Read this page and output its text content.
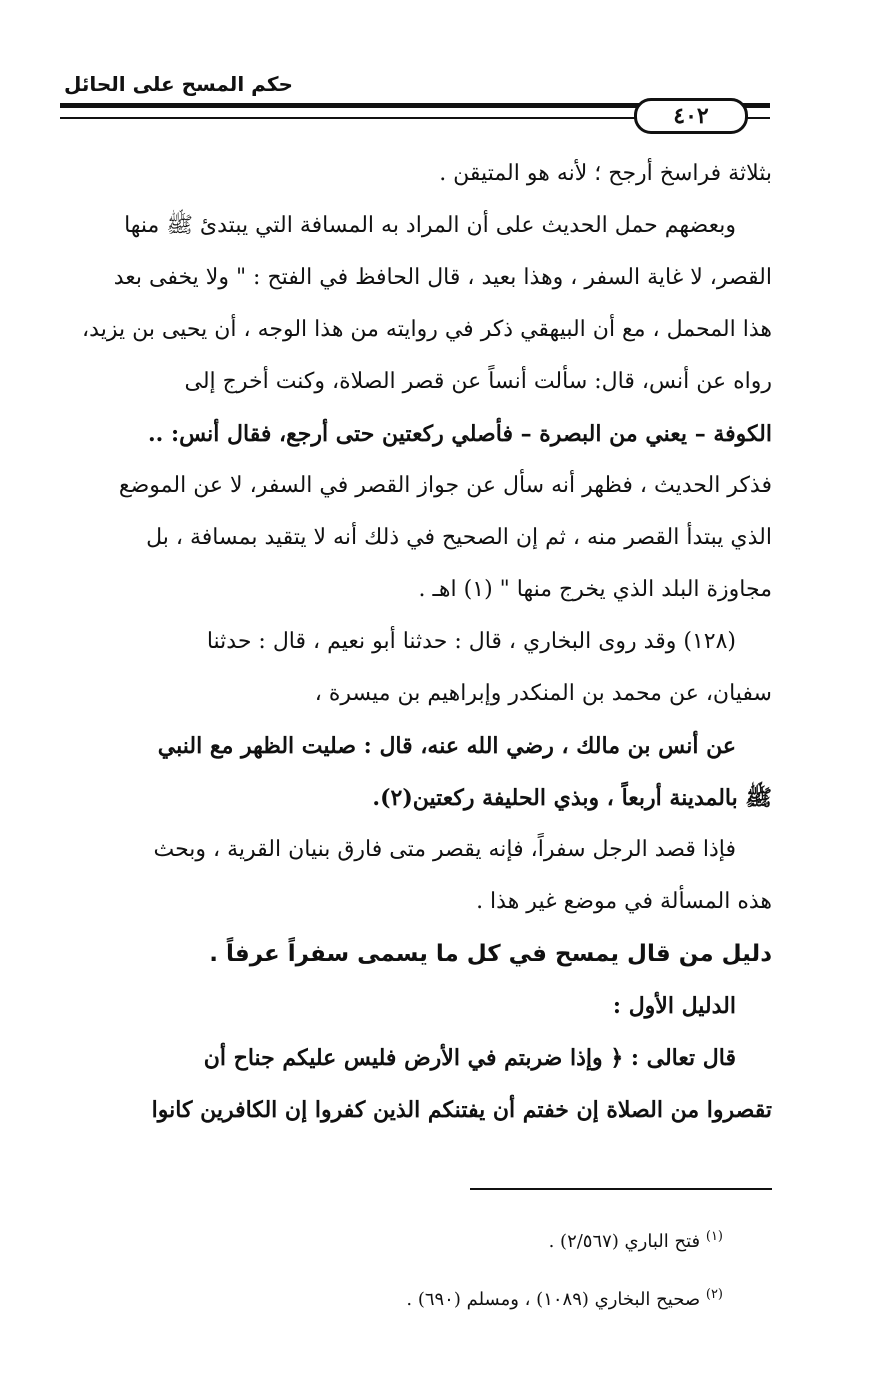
حكم المسح على الحائل
٤٠٢
بثلاثة فراسخ أرجح ؛ لأنه هو المتيقن .
وبعضهم حمل الحديث على أن المراد به المسافة التي يبتدئ ﷺ منها
القصر، لا غاية السفر ، وهذا بعيد ، قال الحافظ في الفتح : " ولا يخفى بعد
هذا المحمل ، مع أن البيهقي ذكر في روايته من هذا الوجه ، أن يحيى بن يزيد،
رواه عن أنس، قال: سألت أنساً عن قصر الصلاة، وكنت أخرج إلى
الكوفة – يعني من البصرة – فأصلي ركعتين حتى أرجع، فقال أنس: ..
فذكر الحديث ، فظهر أنه سأل عن جواز القصر في السفر، لا عن الموضع
الذي يبتدأ القصر منه ، ثم إن الصحيح في ذلك أنه لا يتقيد بمسافة ، بل
مجاوزة البلد الذي يخرج منها " (١) اهـ .
(١٢٨) وقد روى البخاري ، قال : حدثنا أبو نعيم ، قال : حدثنا
سفيان، عن محمد بن المنكدر وإبراهيم بن ميسرة ،
عن أنس بن مالك ، رضي الله عنه، قال : صليت الظهر مع النبي
ﷺ بالمدينة أربعاً ، وبذي الحليفة ركعتين(٢).
فإذا قصد الرجل سفراً، فإنه يقصر متى فارق بنيان القرية ، وبحث
هذه المسألة في موضع غير هذا .
دليل من قال يمسح في كل ما يسمى سفراً عرفاً .
الدليل الأول :
قال تعالى : ﴿ وإذا ضربتم في الأرض فليس عليكم جناح أن
تقصروا من الصلاة إن خفتم أن يفتنكم الذين كفروا إن الكافرين كانوا
$^{(١)}$ فتح الباري (٢/٥٦٧) .
$^{(٢)}$ صحيح البخاري (١٠٨٩) ، ومسلم (٦٩٠) .
